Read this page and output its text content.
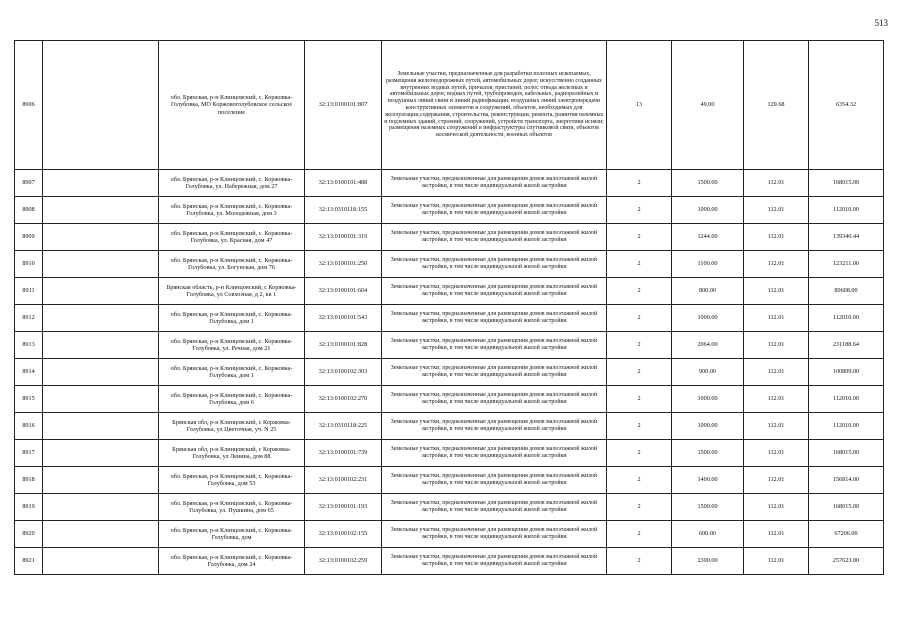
513
8906		обл. Брянская, р-н Клинцовский, с. Коржовка-Голубовка, МО Коржовоголубовское сельское поселение	32:13:0100101:807	Земельные участки, предназначенные для разработки полезных ископаемых, размещения железнодорожных путей, автомобильных дорог, искусственно созданных внутренних водных путей, причалов, пристаней, полос отвода железных и автомобильных дорог, водных путей, трубопроводов, кабельных, радиорелейных и воздушных линий связи и линий радиофикации, воздушных линий электропередачи конструктивных элементов и сооружений, объектов, необходимых для эксплуатации,содержания, строительства, реконструкции, ремонта, развития наземных и подземных зданий, строений, сооружений, устройств транспорта, энергетики иснязи; размещения наземных сооружений и инфраструктуры спутниковой связи, объектов космической деятельности, военных объектов	13	49.00	129.68	6354.32
8907		обл. Брянская, р-н Клинцовский, с. Коржовка-Голубовка, ул. Набережная, дом 27	32:13:0100101:488	Земельные участки, предназначенные для размещения домов малоэтажной жилой застройки, в том числе индивидуальной жилой застройки	2	1500.00	112.01	168015.00
8908		обл. Брянская, р-н Клинцовский, с. Коржовка-Голубовка, ул. Молодежная, дом 3	32:13:0310118:155	Земельные участки, предназначенные для размещения домов малоэтажной жилой застройки, в том числе индивидуальной жилой застройки	2	1000.00	112.01	112010.00
8909		обл. Брянская, р-н Клинцовский, с. Коржовка-Голубовка, ул. Красная, дом 47	32:13:0100101:319	Земельные участки, предназначенные для размещения домов малоэтажной жилой застройки, в том числе индивидуальной жилой застройки	2	1244.00	112.01	139340.44
8910		обл. Брянская, р-н Клинцовский, с. Коржовка-Голубовка, ул. Богунская, дом 76	32:13:0100101:250	Земельные участки, предназначенные для размещения домов малоэтажной жилой застройки, в том числе индивидуальной жилой застройки	2	1100.00	112.01	123211.00
8911		Брянская область, р-н Клинцовский, с Коржовка-Голубовка, ул Совхозная, д 2, кв 1	32:13:0100101:604	Земельные участки, предназначенные для размещения домов малоэтажной жилой застройки, в том числе индивидуальной жилой застройки	2	800.00	112.01	89608.00
8912		обл. Брянская, р-н Клинцовский, с. Коржовка-Голубовка, дом 1	32:13:0100101:543	Земельные участки, предназначенные для размещения домов малоэтажной жилой застройки, в том числе индивидуальной жилой застройки	2	1000.00	112.01	112010.00
8913		обл. Брянская, р-н Клинцовский, с. Коржовка-Голубовка, ул. Речная, дом 21	32:13:0100101:828	Земельные участки, предназначенные для размещения домов малоэтажной жилой застройки, в том числе индивидуальной жилой застройки	2	2064.00	112.01	231188.64
8914		обл. Брянская, р-н Клинцовский, с. Коржовка-Голубовка, дом 1	32:13:0100102:303	Земельные участки, предназначенные для размещения домов малоэтажной жилой застройки, в том числе индивидуальной жилой застройки	2	900.00	112.01	100809.00
8915		обл. Брянская, р-н Клинцовский, с. Коржовка-Голубовка, дом 6	32:13:0100102:270	Земельные участки, предназначенные для размещения домов малоэтажной жилой застройки, в том числе индивидуальной жилой застройки	2	1000.00	112.01	112010.00
8916		Брянская обл, р-н Клинцовский, с Коржовка-Голубовка, ул Цветочная, уч. N 25	32:13:0310118:225	Земельные участки, предназначенные для размещения домов малоэтажной жилой застройки, в том числе индивидуальной жилой застройки	2	1000.00	112.01	112010.00
8917		Брянская обл, р-н Клинцовский, с Коржовка-Голубовка, ул Ленина, дом 88	32:13:0100101:739	Земельные участки, предназначенные для размещения домов малоэтажной жилой застройки, в том числе индивидуальной жилой застройки	2	1500.00	112.01	168015.00
8918		обл. Брянская, р-н Клинцовский, с. Коржовка-Голубовка, дом 53	32:13:0100102:231	Земельные участки, предназначенные для размещения домов малоэтажной жилой застройки, в том числе индивидуальной жилой застройки	2	1400.00	112.01	156814.00
8919		обл. Брянская, р-н Клинцовский, с. Коржовка-Голубовка, ул. Пушкина, дом 65	32:13:0100101:193	Земельные участки, предназначенные для размещения домов малоэтажной жилой застройки, в том числе индивидуальной жилой застройки	2	1500.00	112.01	168015.00
8920		обл. Брянская, р-н Клинцовский, с. Коржовка-Голубовка, дом	32:13:0100102:155	Земельные участки, предназначенные для размещения домов малоэтажной жилой застройки, в том числе индивидуальной жилой застройки	2	600.00	112.01	67206.00
8921		обл. Брянская, р-н Клинцовский, с. Коржовка-Голубовка, дом 24	32:13:0100102:259	Земельные участки, предназначенные для размещения домов малоэтажной жилой застройки, в том числе индивидуальной жилой застройки	2	2300.00	112.01	257623.00
